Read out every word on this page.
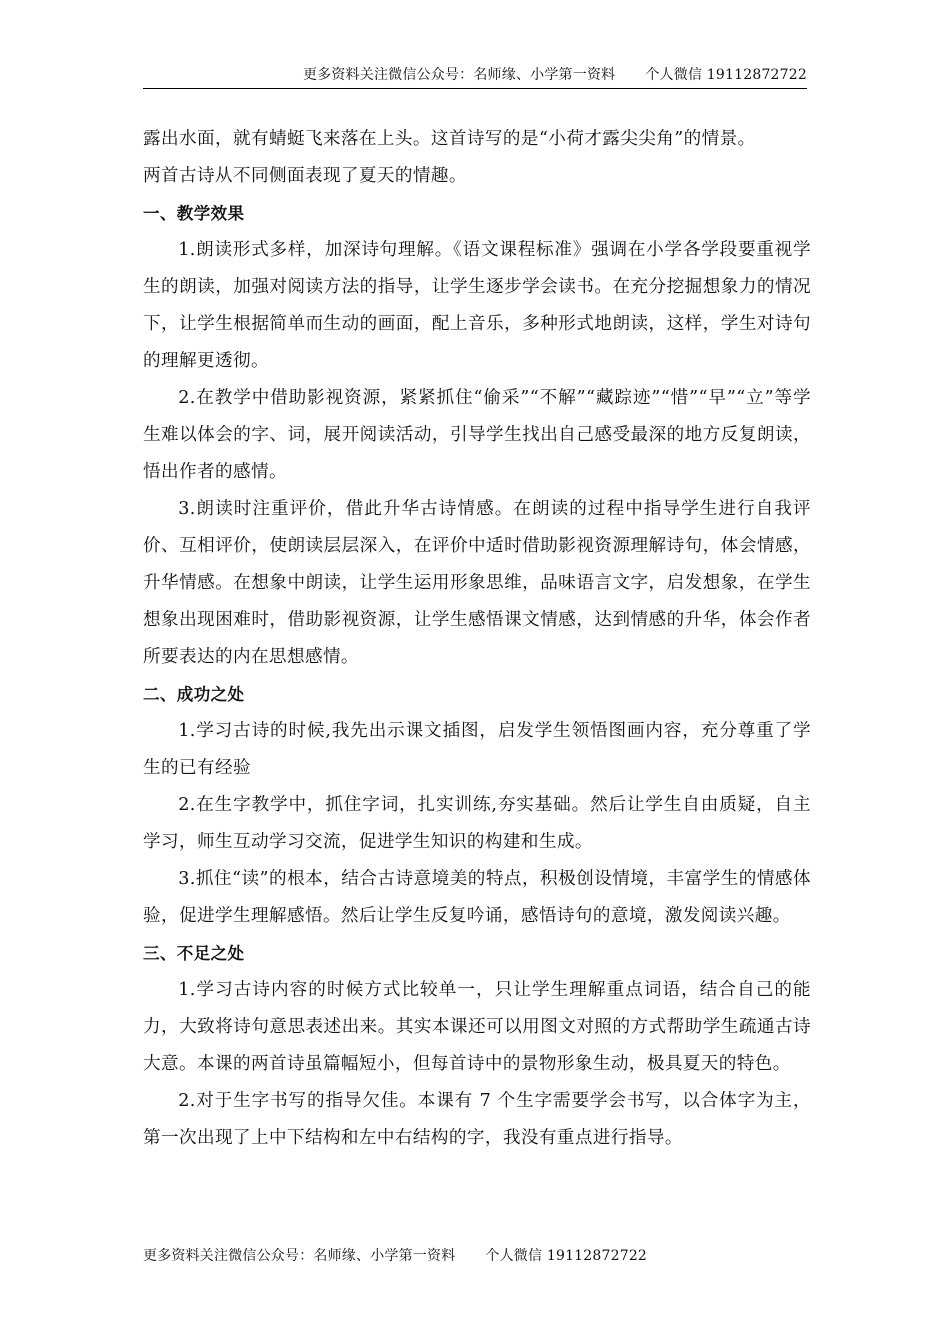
更多资料关注微信公众号：名师缘、小学第一资料 个人微信 19112872722

露出水面，就有蜻蜓飞来落在上头。这首诗写的是“小荷才露尖尖角”的情景。

两首古诗从不同侧面表现了夏天的情趣。

一、教学效果

1.朗读形式多样，加深诗句理解。《语文课程标准》强调在小学各学段要重视学生的朗读，加强对阅读方法的指导，让学生逐步学会读书。在充分挖掘想象力的情况下，让学生根据简单而生动的画面，配上音乐，多种形式地朗读，这样，学生对诗句的理解更透彻。

2.在教学中借助影视资源，紧紧抓住“偷采”“不解”“藏踪迹”“惜”“早”“立”等学生难以体会的字、词，展开阅读活动，引导学生找出自己感受最深的地方反复朗读，悟出作者的感情。

3.朗读时注重评价，借此升华古诗情感。在朗读的过程中指导学生进行自我评价、互相评价，使朗读层层深入，在评价中适时借助影视资源理解诗句，体会情感，升华情感。在想象中朗读，让学生运用形象思维，品味语言文字，启发想象，在学生想象出现困难时，借助影视资源，让学生感悟课文情感，达到情感的升华，体会作者所要表达的内在思想感情。

二、成功之处

1.学习古诗的时候,我先出示课文插图，启发学生领悟图画内容，充分尊重了学生的已有经验

2.在生字教学中，抓住字词，扎实训练,夯实基础。然后让学生自由质疑，自主学习，师生互动学习交流，促进学生知识的构建和生成。

3.抓住“读”的根本，结合古诗意境美的特点，积极创设情境，丰富学生的情感体验，促进学生理解感悟。然后让学生反复吟诵，感悟诗句的意境，激发阅读兴趣。

三、不足之处

1.学习古诗内容的时候方式比较单一，只让学生理解重点词语，结合自己的能力，大致将诗句意思表述出来。其实本课还可以用图文对照的方式帮助学生疏通古诗大意。本课的两首诗虽篇幅短小，但每首诗中的景物形象生动，极具夏天的特色。

2.对于生字书写的指导欠佳。本课有 7 个生字需要学会书写，以合体字为主，第一次出现了上中下结构和左中右结构的字，我没有重点进行指导。

更多资料关注微信公众号：名师缘、小学第一资料 个人微信 19112872722
